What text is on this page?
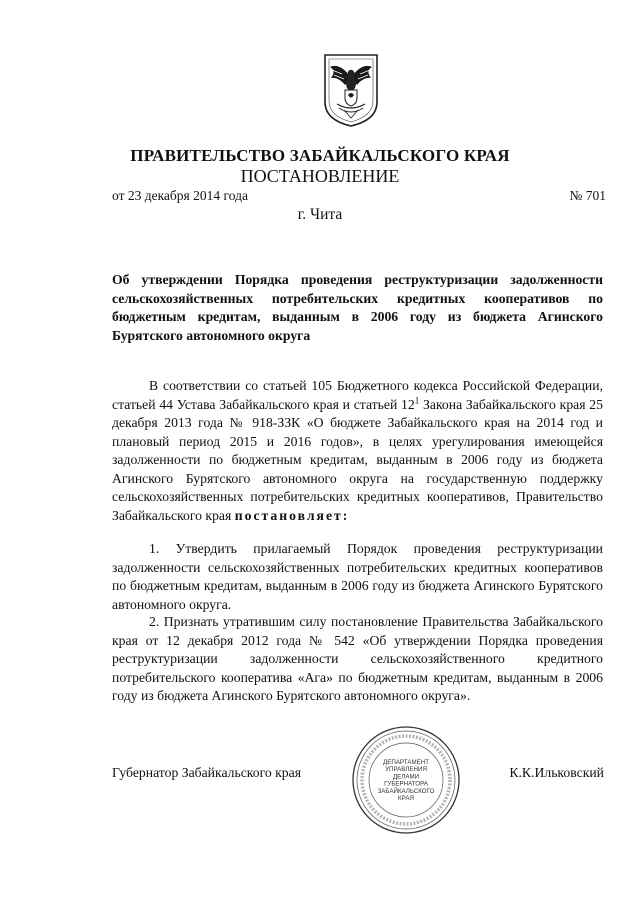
ПРАВИТЕЛЬСТВО ЗАБАЙКАЛЬСКОГО КРАЯ
ПОСТАНОВЛЕНИЕ
от 23 декабря 2014 года	№ 701
г. Чита
Об утверждении Порядка проведения реструктуризации задолженности сельскохозяйственных потребительских кредитных кооперативов по бюджетным кредитам, выданным в 2006 году из бюджета Агинского Бурятского автономного округа

В соответствии со статьей 105 Бюджетного кодекса Российской Федерации, статьей 44 Устава Забайкальского края и статьей $12^1$ Закона Забайкальского края 25 декабря 2013 года № 918-ЗЗК «О бюджете Забайкальского края на 2014 год и плановый период 2015 и 2016 годов», в целях урегулирования имеющейся задолженности по бюджетным кредитам, выданным в 2006 году из бюджета Агинского Бурятского автономного округа на государственную поддержку сельскохозяйственных потребительских кредитных кооперативов, Правительство Забайкальского края постановляет:

1. Утвердить прилагаемый Порядок проведения реструктуризации задолженности сельскохозяйственных потребительских кредитных кооперативов по бюджетным кредитам, выданным в 2006 году из бюджета Агинского Бурятского автономного округа.

2. Признать утратившим силу постановление Правительства Забайкальского края от 12 декабря 2012 года № 542 «Об утверждении Порядка проведения реструктуризации задолженности сельскохозяйственного кредитного потребительского кооператива «Ага» по бюджетным кредитам, выданным в 2006 году из бюджета Агинского Бурятского автономного округа».

Губернатор Забайкальского края
ДЕПАРТАМЕНТ
УПРАВЛЕНИЯ
ДЕЛАМИ
ГУБЕРНАТОРА
ЗАБАЙКАЛЬСКОГО
КРАЯ
К.К.Ильковский
